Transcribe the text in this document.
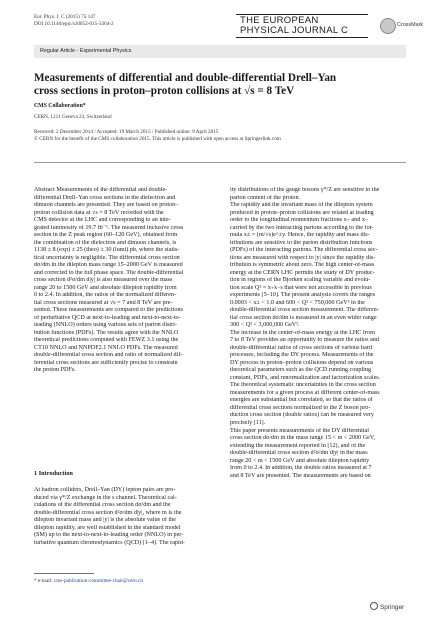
Eur. Phys. J. C (2015) 75:147
DOI 10.1140/epjc/s10052-015-3364-2	THE EUROPEAN
PHYSICAL JOURNAL C	CrossMark
Regular Article - Experimental Physics
Measurements of differential and double-differential Drell–Yan
cross sections in proton–proton collisions at √s = 8 TeV
CMS Collaboration*
CERN, 1211 Geneva 23, Switzerland
Received: 2 December 2014 / Accepted: 19 March 2015 / Published online: 9 April 2015
© CERN for the benefit of the CMS collaboration 2015. This article is published with open access at Springerlink.com
Abstract Measurements of the differential and double-
differential Drell–Yan cross sections in the dielectron and
dimuon channels are presented. They are based on proton–
proton collision data at √s = 8 TeV recorded with the
CMS detector at the LHC and corresponding to an inte-
grated luminosity of 19.7 fb⁻¹. The measured inclusive cross
section in the Z peak region (60–120 GeV), obtained from
the combination of the dielectron and dimuon channels, is
1138 ± 8 (exp) ± 25 (theo) ± 30 (lumi) pb, where the statis-
tical uncertainty is negligible. The differential cross section
dσ/dm in the dilepton mass range 15–2000 GeV is measured
and corrected to the full phase space. The double-differential
cross section d²σ/dm d|y| is also measured over the mass
range 20 to 1500 GeV and absolute dilepton rapidity from
0 to 2.4. In addition, the ratios of the normalized differen-
tial cross sections measured at √s = 7 and 8 TeV are pre-
sented. These measurements are compared to the predictions
of perturbative QCD at next-to-leading and next-to-next-to-
leading (NNLO) orders using various sets of parton distri-
bution functions (PDFs). The results agree with the NNLO
theoretical predictions computed with FEWZ 3.1 using the
CT10 NNLO and NNPDF2.1 NNLO PDFs. The measured
double-differential cross section and ratio of normalized dif-
ferential cross sections are sufficiently precise to constrain
the proton PDFs.
1 Introduction
At hadron colliders, Drell–Yan (DY) lepton pairs are pro-
duced via γ*/Z exchange in the s channel. Theoretical cal-
culations of the differential cross section dσ/dm and the
double-differential cross section d²σ/dm d|y|, where m is the
dilepton invariant mass and |y| is the absolute value of the
dilepton rapidity, are well established in the standard model
(SM) up to the next-to-next-to-leading order (NNLO) in per-
turbative quantum chromodynamics (QCD) [1–4]. The rapid-
* e-mail: cms-publication-committee-chair@cern.ch
ity distributions of the gauge bosons γ*/Z are sensitive to the
parton content of the proton.
The rapidity and the invariant mass of the dilepton system
produced in proton–proton collisions are related at leading
order to the longitudinal momentum fractions x₊ and x₋
carried by the two interacting partons according to the for-
mula x± = (m/√s)e^±y. Hence, the rapidity and mass dis-
tributions are sensitive to the parton distribution functions
(PDFs) of the interacting partons. The differential cross sec-
tions are measured with respect to |y| since the rapidity dis-
tribution is symmetric about zero. The high center-of-mass
energy at the CERN LHC permits the study of DY produc-
tion in regions of the Bjorken scaling variable and evolu-
tion scale Q² = x₊x₋s that were not accessible in previous
experiments [5–10]. The present analysis covers the ranges
0.0003 < x± < 1.0 and 600 < Q² < 750,000 GeV² in the
double-differential cross section measurement. The differen-
tial cross section dσ/dm is measured in an even wider range
300 < Q² < 3,000,000 GeV².
The increase in the center-of-mass energy at the LHC from
7 to 8 TeV provides an opportunity to measure the ratios and
double-differential ratios of cross sections of various hard
processes, including the DY process. Measurements of the
DY process in proton–proton collisions depend on various
theoretical parameters such as the QCD running coupling
constant, PDFs, and renormalization and factorization scales.
The theoretical systematic uncertainties in the cross section
measurements for a given process at different center-of-mass
energies are substantial but correlated, so that the ratios of
differential cross sections normalized to the Z boson pro-
duction cross section (double ratios) can be measured very
precisely [11].
This paper presents measurements of the DY differential
cross section dσ/dm in the mass range 15 < m < 2000 GeV,
extending the measurement reported in [12], and of the
double-differential cross section d²σ/dm d|y| in the mass
range 20 < m < 1500 GeV and absolute dilepton rapidity
from 0 to 2.4. In addition, the double ratios measured at 7
and 8 TeV are presented. The measurements are based on
Springer
